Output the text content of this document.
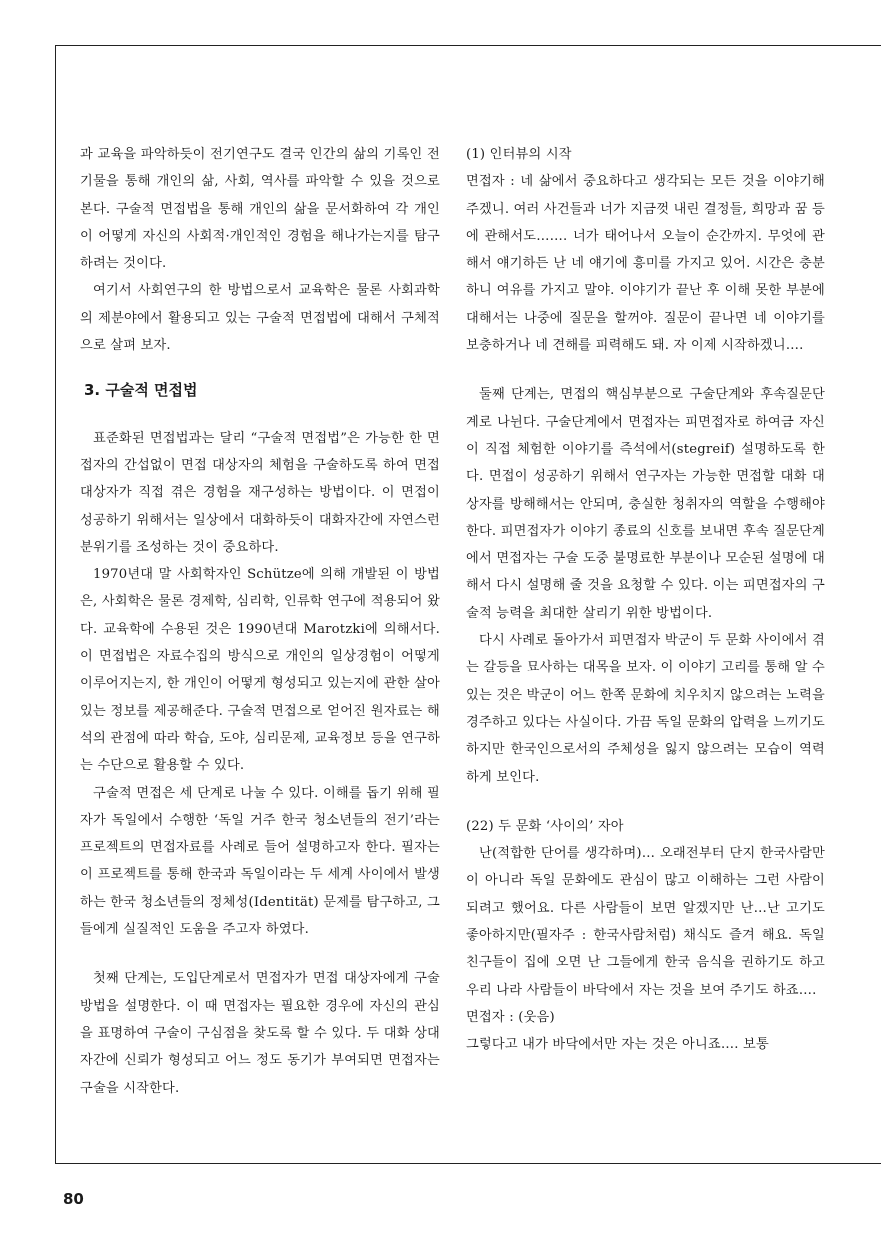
과 교육을 파악하듯이 전기연구도 결국 인간의 삶의 기록인 전기물을 통해 개인의 삶, 사회, 역사를 파악할 수 있을 것으로 본다. 구술적 면접법을 통해 개인의 삶을 문서화하여 각 개인이 어떻게 자신의 사회적·개인적인 경험을 해나가는지를 탐구하려는 것이다.

여기서 사회연구의 한 방법으로서 교육학은 물론 사회과학의 제분야에서 활용되고 있는 구술적 면접법에 대해서 구체적으로 살펴 보자.

3. 구술적 면접법

표준화된 면접법과는 달리 “구술적 면접법”은 가능한 한 면접자의 간섭없이 면접 대상자의 체험을 구술하도록 하여 면접 대상자가 직접 겪은 경험을 재구성하는 방법이다. 이 면접이 성공하기 위해서는 일상에서 대화하듯이 대화자간에 자연스런 분위기를 조성하는 것이 중요하다.

1970년대 말 사회학자인 Schütze에 의해 개발된 이 방법은, 사회학은 물론 경제학, 심리학, 인류학 연구에 적용되어 왔다. 교육학에 수용된 것은 1990년대 Marotzki에 의해서다. 이 면접법은 자료수집의 방식으로 개인의 일상경험이 어떻게 이루어지는지, 한 개인이 어떻게 형성되고 있는지에 관한 살아있는 정보를 제공해준다. 구술적 면접으로 얻어진 원자료는 해석의 관점에 따라 학습, 도야, 심리문제, 교육정보 등을 연구하는 수단으로 활용할 수 있다.

구술적 면접은 세 단계로 나눌 수 있다. 이해를 돕기 위해 필자가 독일에서 수행한 ‘독일 거주 한국 청소년들의 전기’라는 프로젝트의 면접자료를 사례로 들어 설명하고자 한다. 필자는 이 프로젝트를 통해 한국과 독일이라는 두 세계 사이에서 발생하는 한국 청소년들의 정체성(Identität) 문제를 탐구하고, 그들에게 실질적인 도움을 주고자 하였다.

첫째 단계는, 도입단계로서 면접자가 면접 대상자에게 구술방법을 설명한다. 이 때 면접자는 필요한 경우에 자신의 관심을 표명하여 구술이 구심점을 찾도록 할 수 있다. 두 대화 상대자간에 신뢰가 형성되고 어느 정도 동기가 부여되면 면접자는 구술을 시작한다.

(1) 인터뷰의 시작

면접자 : 네 삶에서 중요하다고 생각되는 모든 것을 이야기해 주겠니. 여러 사건들과 너가 지금껏 내린 결정들, 희망과 꿈 등에 관해서도……. 너가 태어나서 오늘이 순간까지. 무엇에 관해서 얘기하든 난 네 얘기에 흥미를 가지고 있어. 시간은 충분하니 여유를 가지고 말야. 이야기가 끝난 후 이해 못한 부분에 대해서는 나중에 질문을 할꺼야. 질문이 끝나면 네 이야기를 보충하거나 네 견해를 피력해도 돼. 자 이제 시작하겠니….

둘째 단계는, 면접의 핵심부분으로 구술단계와 후속질문단계로 나뉜다. 구술단계에서 면접자는 피면접자로 하여금 자신이 직접 체험한 이야기를 즉석에서(stegreif) 설명하도록 한다. 면접이 성공하기 위해서 연구자는 가능한 면접할 대화 대상자를 방해해서는 안되며, 충실한 청취자의 역할을 수행해야 한다. 피면접자가 이야기 종료의 신호를 보내면 후속 질문단계에서 면접자는 구술 도중 불명료한 부분이나 모순된 설명에 대해서 다시 설명해 줄 것을 요청할 수 있다. 이는 피면접자의 구술적 능력을 최대한 살리기 위한 방법이다.

다시 사례로 돌아가서 피면접자 박군이 두 문화 사이에서 겪는 갈등을 묘사하는 대목을 보자. 이 이야기 고리를 통해 알 수 있는 것은 박군이 어느 한쪽 문화에 치우치지 않으려는 노력을 경주하고 있다는 사실이다. 가끔 독일 문화의 압력을 느끼기도 하지만 한국인으로서의 주체성을 잃지 않으려는 모습이 역력하게 보인다.

(22) 두 문화 ‘사이의’ 자아

난(적합한 단어를 생각하며)… 오래전부터 단지 한국사람만이 아니라 독일 문화에도 관심이 많고 이해하는 그런 사람이 되려고 했어요. 다른 사람들이 보면 알겠지만 난…난 고기도 좋아하지만(필자주 : 한국사람처럼) 채식도 즐겨 해요. 독일 친구들이 집에 오면 난 그들에게 한국 음식을 권하기도 하고 우리 나라 사람들이 바닥에서 자는 것을 보여 주기도 하죠….

면접자 : (웃음)

그렇다고 내가 바닥에서만 자는 것은 아니죠…. 보통

80
